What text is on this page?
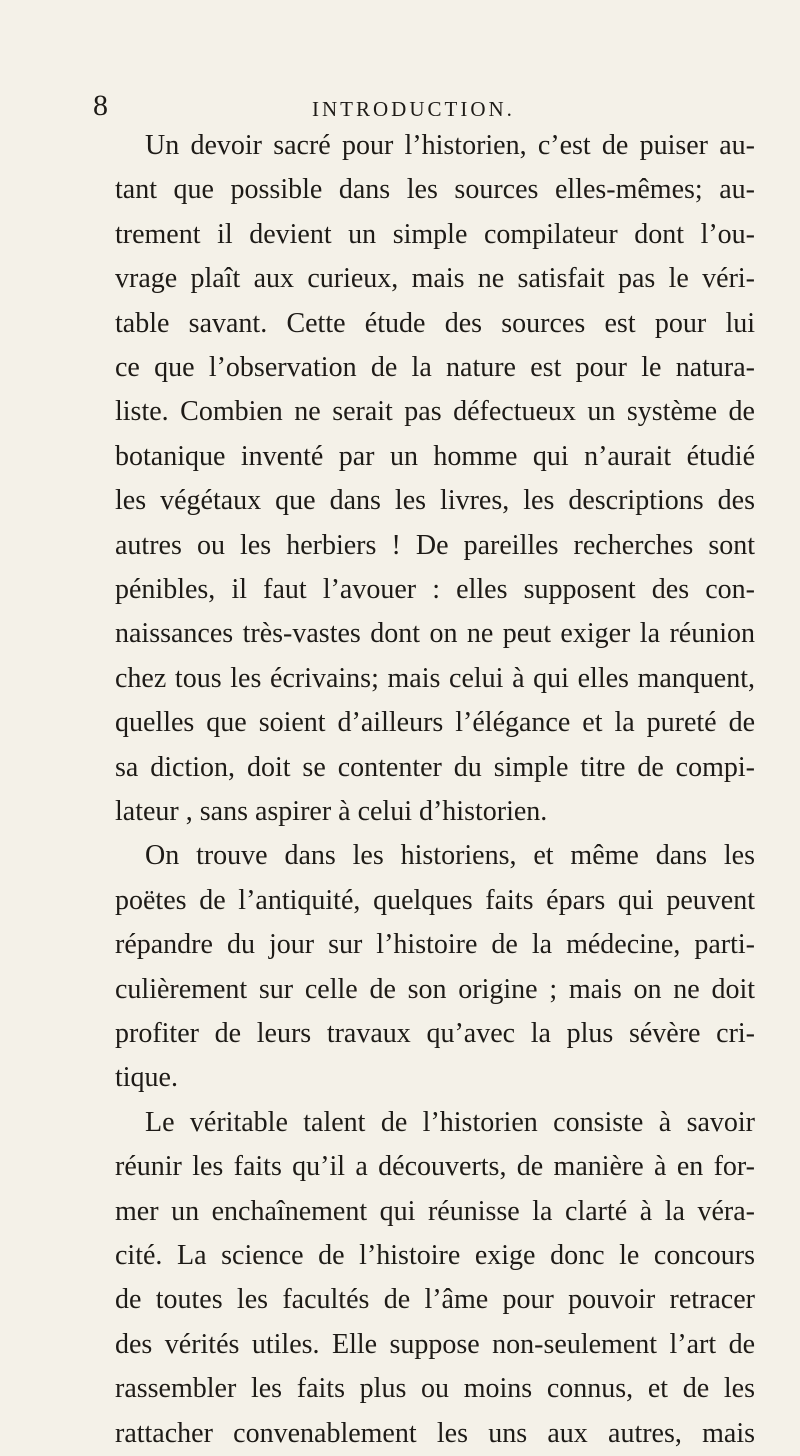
8	INTRODUCTION.
Un devoir sacré pour l’historien, c’est de puiser au-
tant que possible dans les sources elles-mêmes; au-
trement il devient un simple compilateur dont l’ou-
vrage plaît aux curieux, mais ne satisfait pas le véri-
table savant. Cette étude des sources est pour lui
ce que l’observation de la nature est pour le natura-
liste. Combien ne serait pas défectueux un système de
botanique inventé par un homme qui n’aurait étudié
les végétaux que dans les livres, les descriptions des
autres ou les herbiers ! De pareilles recherches sont
pénibles, il faut l’avouer : elles supposent des con-
naissances très-vastes dont on ne peut exiger la réunion
chez tous les écrivains; mais celui à qui elles manquent,
quelles que soient d’ailleurs l’élégance et la pureté de
sa diction, doit se contenter du simple titre de compi-
lateur , sans aspirer à celui d’historien.
On trouve dans les historiens, et même dans les
poëtes de l’antiquité, quelques faits épars qui peuvent
répandre du jour sur l’histoire de la médecine, parti-
culièrement sur celle de son origine ; mais on ne doit
profiter de leurs travaux qu’avec la plus sévère cri-
tique.
Le véritable talent de l’historien consiste à savoir
réunir les faits qu’il a découverts, de manière à en for-
mer un enchaînement qui réunisse la clarté à la véra-
cité. La science de l’histoire exige donc le concours
de toutes les facultés de l’âme pour pouvoir retracer
des vérités utiles. Elle suppose non-seulement l’art de
rassembler les faits plus ou moins connus, et de les
rattacher convenablement les uns aux autres, mais
